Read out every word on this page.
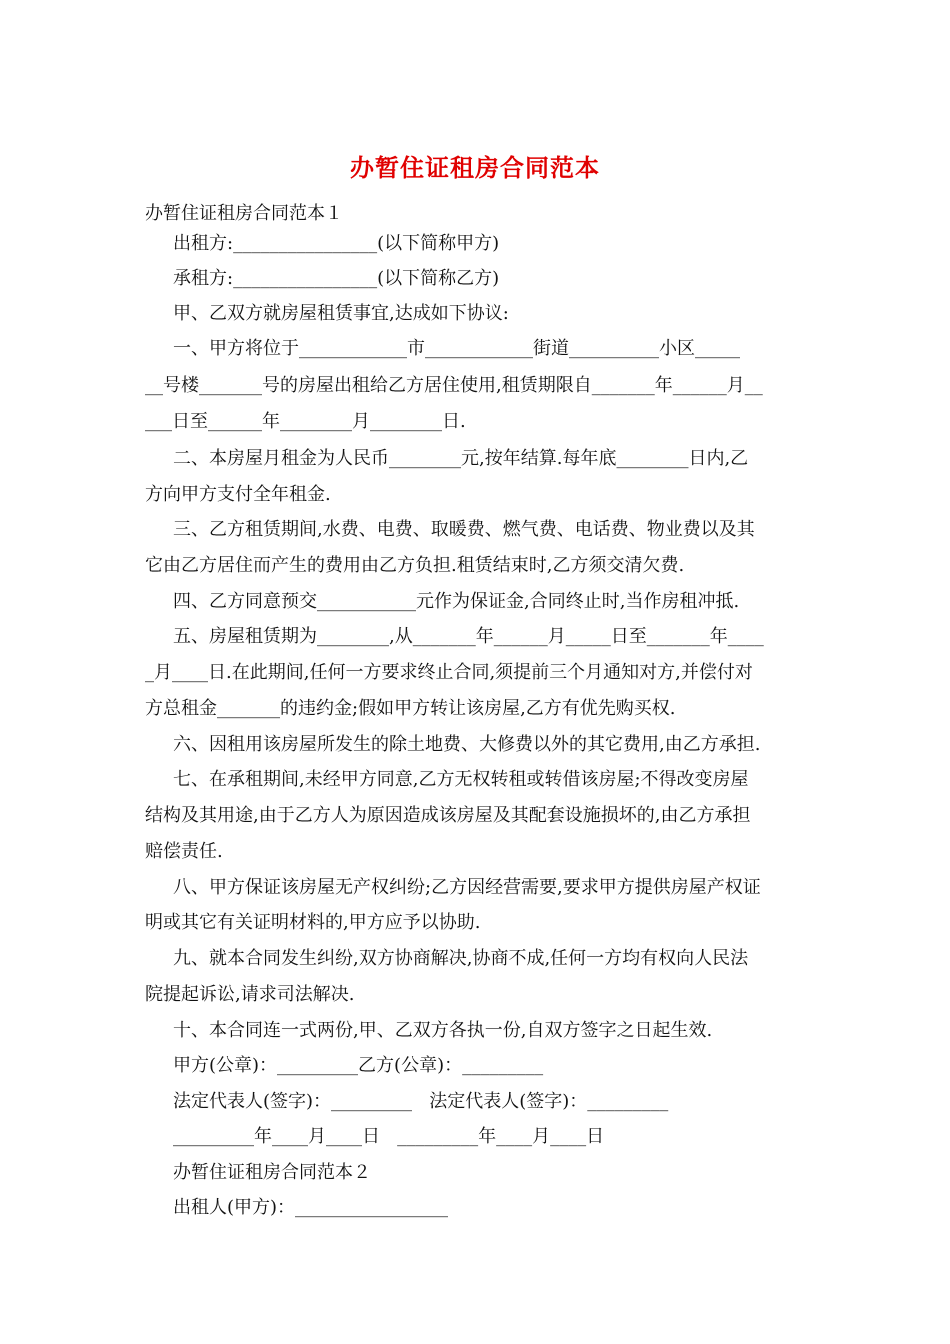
办暂住证租房合同范本
办暂住证租房合同范本１
出租方:________________(以下简称甲方)
承租方:________________(以下简称乙方)
甲、乙双方就房屋租赁事宜,达成如下协议:
一、甲方将位于____________市____________街道__________小区_____
__号楼_______号的房屋出租给乙方居住使用,租赁期限自_______年______月__
___日至______年________月________日.
二、本房屋月租金为人民币________元,按年结算.每年底________日内,乙
方向甲方支付全年租金.
三、乙方租赁期间,水费、电费、取暖费、燃气费、电话费、物业费以及其
它由乙方居住而产生的费用由乙方负担.租赁结束时,乙方须交清欠费.
四、乙方同意预交___________元作为保证金,合同终止时,当作房租冲抵.
五、房屋租赁期为________,从_______年______月_____日至_______年____
_月____日.在此期间,任何一方要求终止合同,须提前三个月通知对方,并偿付对
方总租金_______的违约金;假如甲方转让该房屋,乙方有优先购买权.
六、因租用该房屋所发生的除土地费、大修费以外的其它费用,由乙方承担.
七、在承租期间,未经甲方同意,乙方无权转租或转借该房屋;不得改变房屋
结构及其用途,由于乙方人为原因造成该房屋及其配套设施损坏的,由乙方承担
赔偿责任.
八、甲方保证该房屋无产权纠纷;乙方因经营需要,要求甲方提供房屋产权证
明或其它有关证明材料的,甲方应予以协助.
九、就本合同发生纠纷,双方协商解决,协商不成,任何一方均有权向人民法
院提起诉讼,请求司法解决.
十、本合同连一式两份,甲、乙双方各执一份,自双方签字之日起生效.
甲方(公章)：_________乙方(公章)：_________
法定代表人(签字)：_________   法定代表人(签字)：_________
_________年____月____日   _________年____月____日
办暂住证租房合同范本２
出租人(甲方)：_________________
